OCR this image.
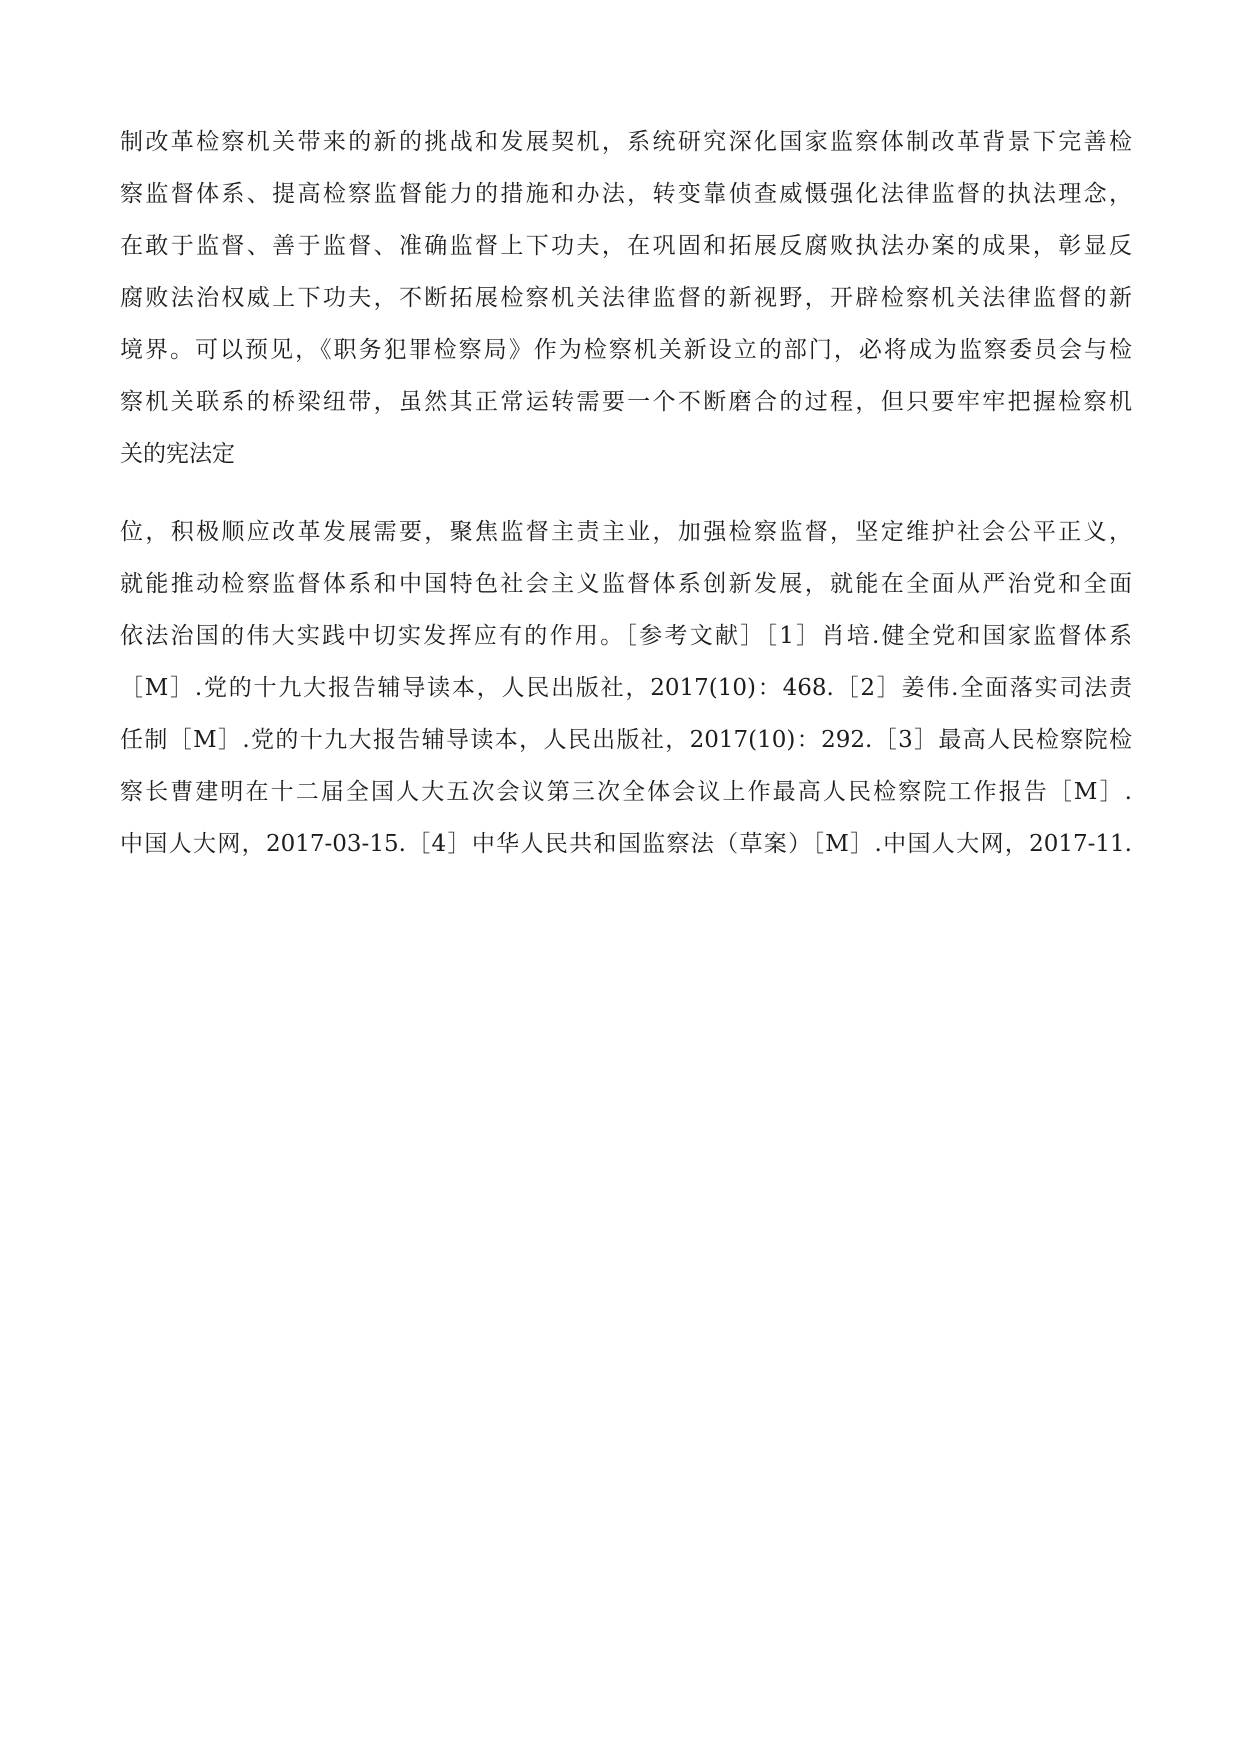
制改革检察机关带来的新的挑战和发展契机，系统研究深化国家监察体制改革背景下完善检
察监督体系、提高检察监督能力的措施和办法，转变靠侦查威慑强化法律监督的执法理念，
在敢于监督、善于监督、准确监督上下功夫，在巩固和拓展反腐败执法办案的成果，彰显反
腐败法治权威上下功夫，不断拓展检察机关法律监督的新视野，开辟检察机关法律监督的新
境界。可以预见，《职务犯罪检察局》作为检察机关新设立的部门，必将成为监察委员会与检
察机关联系的桥梁纽带，虽然其正常运转需要一个不断磨合的过程，但只要牢牢把握检察机
关的宪法定

位，积极顺应改革发展需要，聚焦监督主责主业，加强检察监督，坚定维护社会公平正义，
就能推动检察监督体系和中国特色社会主义监督体系创新发展，就能在全面从严治党和全面
依法治国的伟大实践中切实发挥应有的作用。［参考文献］［1］肖培.健全党和国家监督体系
［M］.党的十九大报告辅导读本，人民出版社，2017(10)：468.［2］姜伟.全面落实司法责
任制［M］.党的十九大报告辅导读本，人民出版社，2017(10)：292.［3］最高人民检察院检
察长曹建明在十二届全国人大五次会议第三次全体会议上作最高人民检察院工作报告［M］.
中国人大网，2017-03-15.［4］中华人民共和国监察法（草案）［M］.中国人大网，2017-11.
